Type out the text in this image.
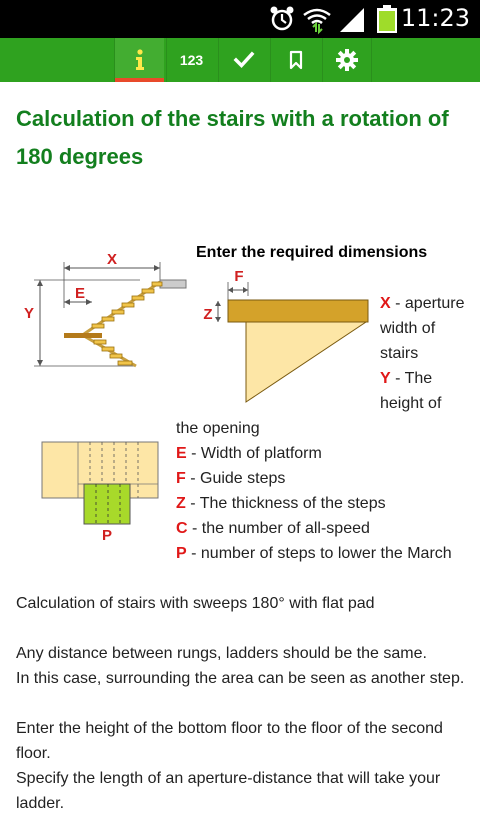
11:23
123
Calculation of the stairs with a rotation of 180 degrees
X
Y
E
F
Z
P
Enter the required dimensions
X - aperture width of stairs
Y - The height of
the opening
E - Width of platform
F - Guide steps
Z - The thickness of the steps
C - the number of all-speed
P - number of steps to lower the March
Calculation of stairs with sweeps 180° with flat pad
Any distance between rungs, ladders should be the same.
In this case, surrounding the area can be seen as another step.
Enter the height of the bottom floor to the floor of the second floor.
Specify the length of an aperture-distance that will take your ladder.
